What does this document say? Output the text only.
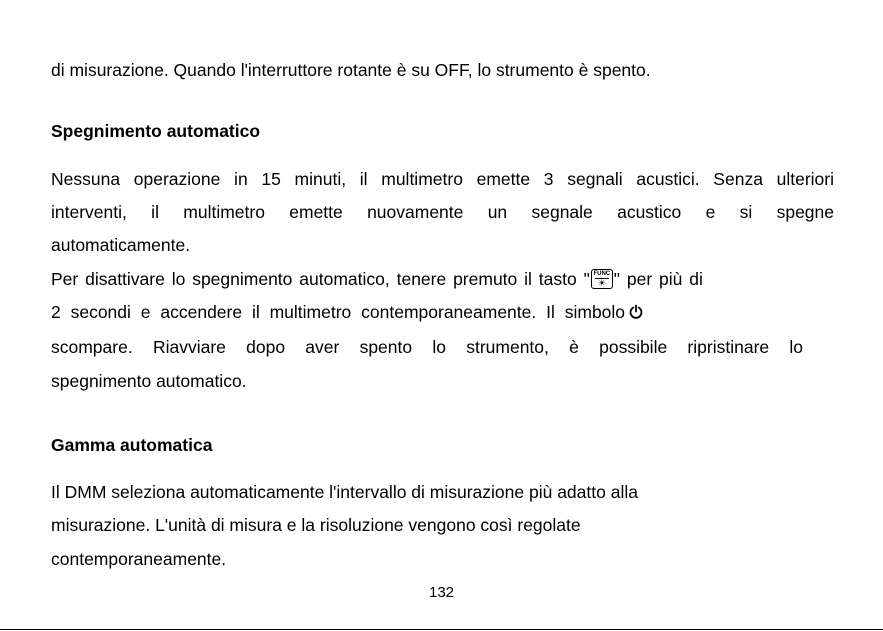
di misurazione. Quando l'interruttore rotante è su OFF, lo strumento è spento.
Spegnimento automatico
Nessuna operazione in 15 minuti, il multimetro emette 3 segnali acustici. Senza ulteriori
interventi, il multimetro emette nuovamente un segnale acustico e si spegne
automaticamente.
Per disattivare lo spegnimento automatico, tenere premuto il tasto " FUNC
☀ " per più di
2 secondi e accendere il multimetro contemporaneamente. Il simbolo
scompare. Riavviare dopo aver spento lo strumento, è possibile ripristinare lo
spegnimento automatico.
Gamma automatica
Il DMM seleziona automaticamente l'intervallo di misurazione più adatto alla
misurazione. L'unità di misura e la risoluzione vengono così regolate
contemporaneamente.
132
